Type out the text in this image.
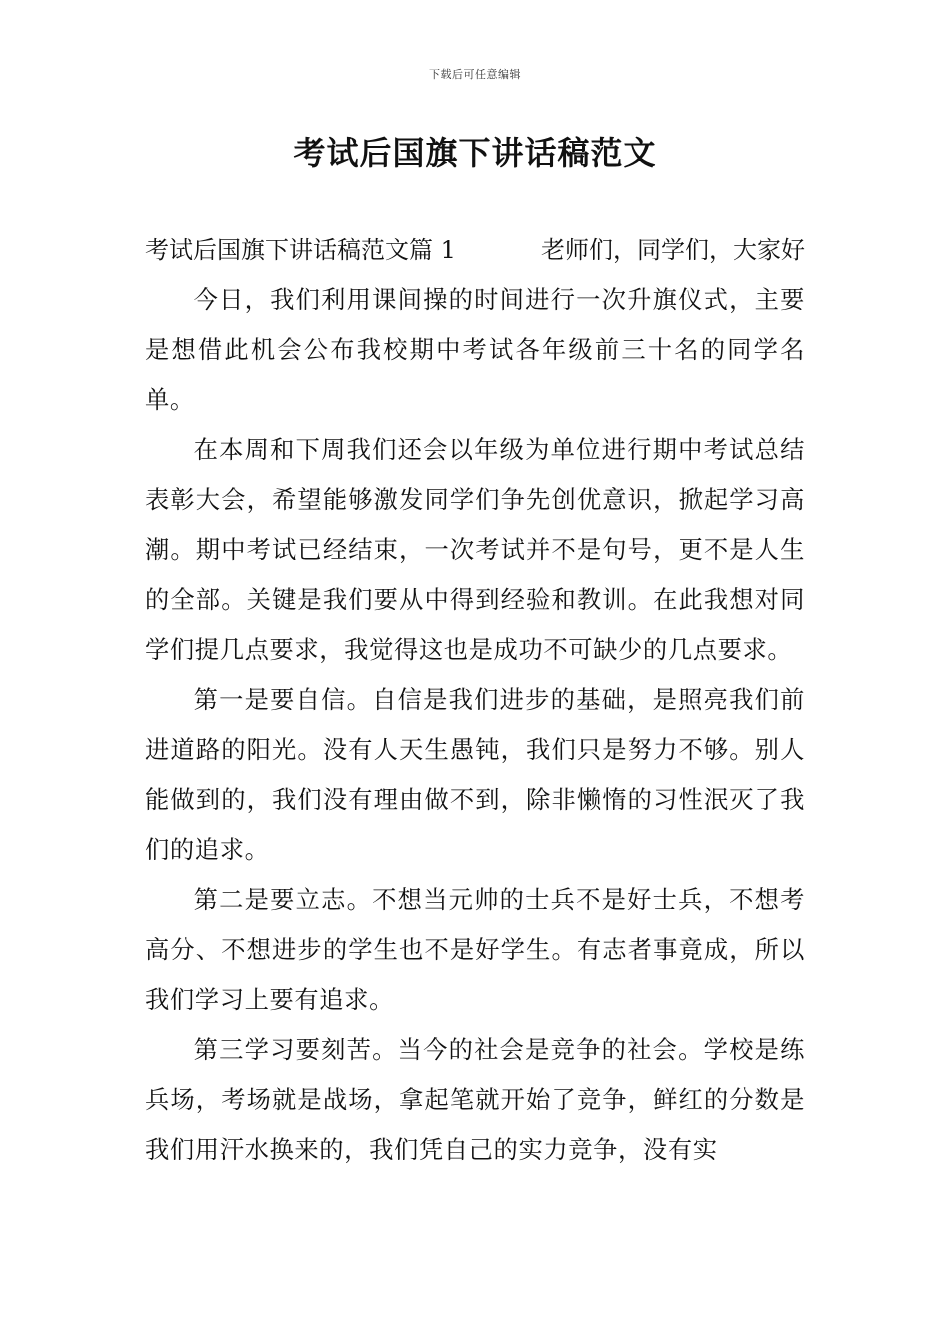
下载后可任意编辑
考试后国旗下讲话稿范文
考试后国旗下讲话稿范文篇 1	老师们，同学们，大家好

今日，我们利用课间操的时间进行一次升旗仪式，主要是想借此机会公布我校期中考试各年级前三十名的同学名单。

在本周和下周我们还会以年级为单位进行期中考试总结表彰大会，希望能够激发同学们争先创优意识，掀起学习高潮。期中考试已经结束，一次考试并不是句号，更不是人生的全部。关键是我们要从中得到经验和教训。在此我想对同学们提几点要求，我觉得这也是成功不可缺少的几点要求。

第一是要自信。自信是我们进步的基础，是照亮我们前进道路的阳光。没有人天生愚钝，我们只是努力不够。别人能做到的，我们没有理由做不到，除非懒惰的习性泯灭了我们的追求。

第二是要立志。不想当元帅的士兵不是好士兵，不想考高分、不想进步的学生也不是好学生。有志者事竟成，所以我们学习上要有追求。

第三学习要刻苦。当今的社会是竞争的社会。学校是练兵场，考场就是战场，拿起笔就开始了竞争，鲜红的分数是我们用汗水换来的，我们凭自己的实力竞争，没有实
